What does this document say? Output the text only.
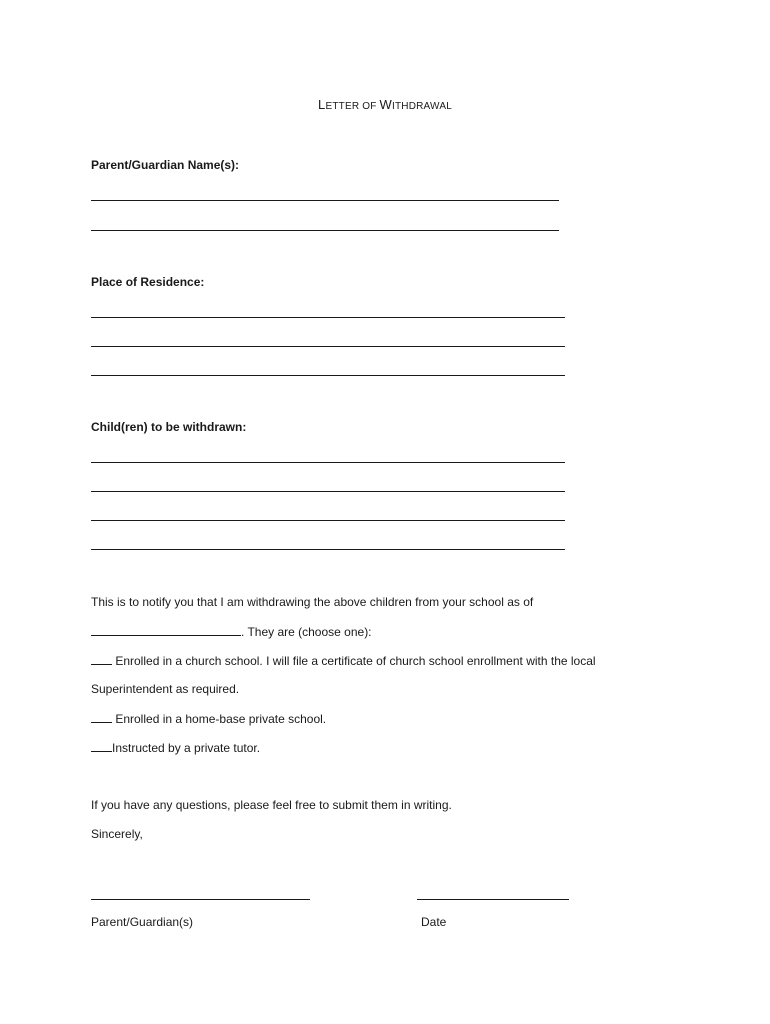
LETTER OF WITHDRAWAL
Parent/Guardian Name(s):
Place of Residence:
Child(ren) to be withdrawn:
This is to notify you that I am withdrawing the above children from your school as of
. They are (choose one):
Enrolled in a church school. I will file a certificate of church school enrollment with the local
Superintendent as required.
Enrolled in a home-base private school.
Instructed by a private tutor.
If you have any questions, please feel free to submit them in writing.
Sincerely,
Parent/Guardian(s)	Date
